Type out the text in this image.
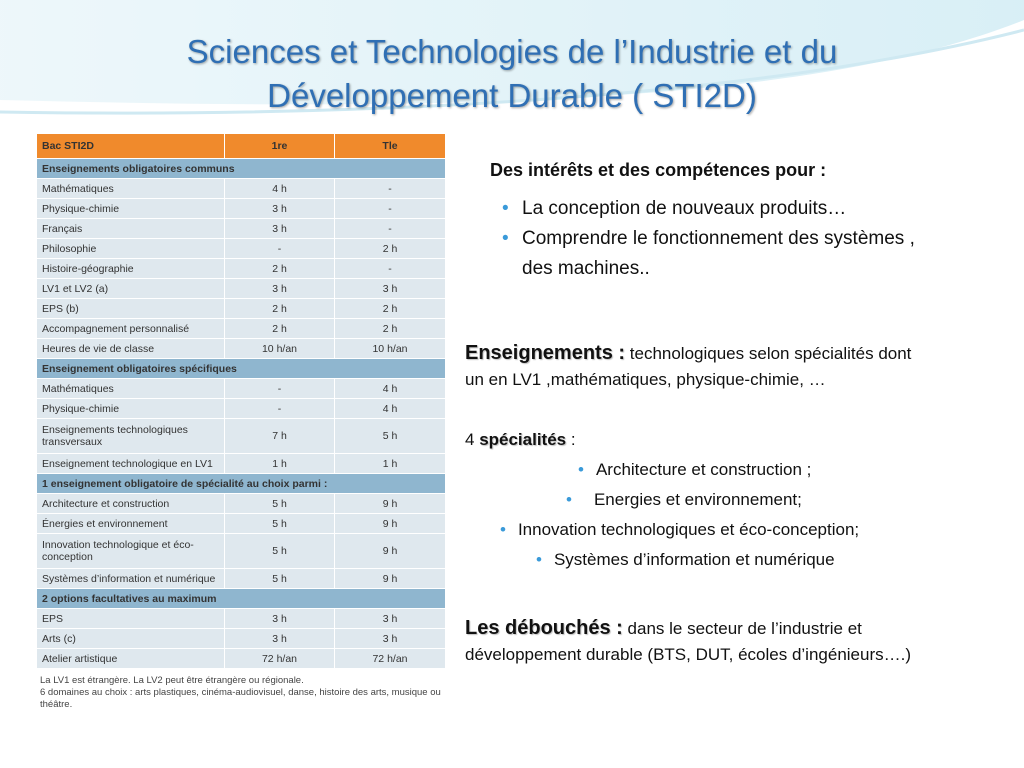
Sciences et Technologies de l’Industrie et du
Développement Durable ( STI2D)
Bac STI2D	1re	Tle
Enseignements obligatoires communs		
Mathématiques	4 h	-
Physique-chimie	3 h	-
Français	3 h	-
Philosophie	-	2 h
Histoire-géographie	2 h	-
LV1 et LV2 (a)	3 h	3 h
EPS (b)	2 h	2 h
Accompagnement personnalisé	2 h	2 h
Heures de vie de classe	10 h/an	10 h/an
Enseignement obligatoires spécifiques		
Mathématiques	-	4 h
Physique-chimie	-	4 h
Enseignements technologiques transversaux	7 h	5 h
Enseignement technologique en LV1	1 h	1 h
1 enseignement obligatoire de spécialité au choix parmi :		
Architecture et construction	5 h	9 h
Énergies et environnement	5 h	9 h
Innovation technologique et éco-conception	5 h	9 h
Systèmes d’information et numérique	5 h	9 h
2 options facultatives au maximum		
EPS	3 h	3 h
Arts (c)	3 h	3 h
Atelier artistique	72 h/an	72 h/an
La LV1 est étrangère. La LV2 peut être étrangère ou régionale.
6 domaines au choix : arts plastiques, cinéma-audiovisuel, danse, histoire des arts, musique ou théâtre.
Des intérêts et des compétences pour :
• La conception de nouveaux produits…
• Comprendre le fonctionnement des systèmes , des machines..
Enseignements : technologiques selon spécialités dont
un en LV1 ,mathématiques, physique-chimie, …
4 spécialités :
• Architecture et construction ;
• Energies et environnement;
• Innovation technologiques et éco-conception;
• Systèmes d’information et numérique
Les débouchés : dans le secteur de l’industrie et
développement durable (BTS, DUT, écoles d’ingénieurs….)
